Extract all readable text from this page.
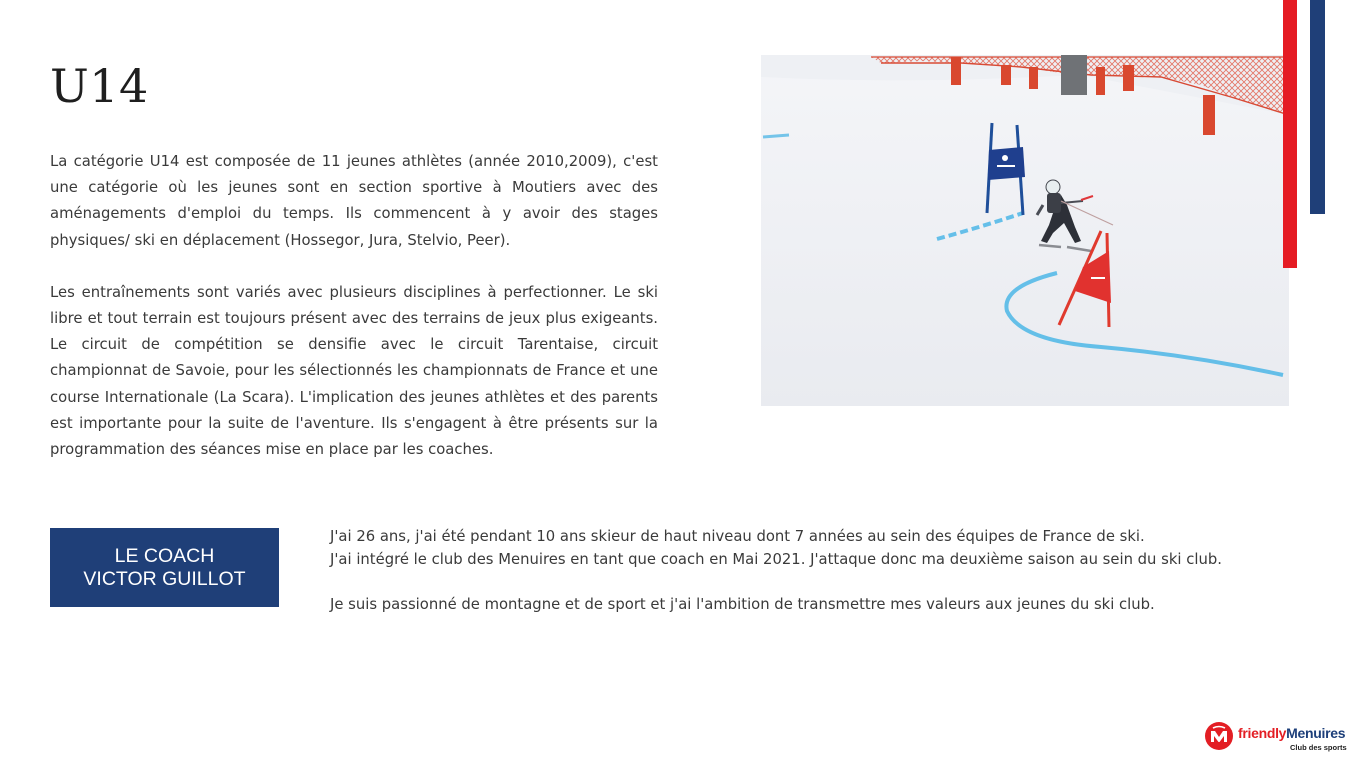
U14

La catégorie U14 est composée de 11 jeunes athlètes (année 2010,2009), c'est une catégorie où les jeunes sont en section sportive à Moutiers avec des aménagements d'emploi du temps. Ils commencent à y avoir des stages physiques/ ski en déplacement (Hossegor, Jura, Stelvio, Peer).

Les entraînements sont variés avec plusieurs disciplines à perfectionner. Le ski libre et tout terrain est toujours présent avec des terrains de jeux plus exigeants. Le circuit de compétition se densifie avec le circuit Tarentaise, circuit championnat de Savoie, pour les sélectionnés les championnats de France et une course Internationale (La Scara). L'implication des jeunes athlètes et des parents est importante pour la suite de l'aventure. Ils s'engagent à être présents sur la programmation des séances mise en place par les coaches.

LE COACH
VICTOR GUILLOT

J'ai 26 ans, j'ai été pendant 10 ans skieur de haut niveau dont 7 années au sein des équipes de France de ski.

J'ai intégré le club des Menuires en tant que coach en Mai 2021. J'attaque donc ma deuxième saison au sein du ski club.

Je suis passionné de montagne et de sport et j'ai l'ambition de transmettre mes valeurs aux jeunes du ski club.

friendlyMenuires
Club des sports
